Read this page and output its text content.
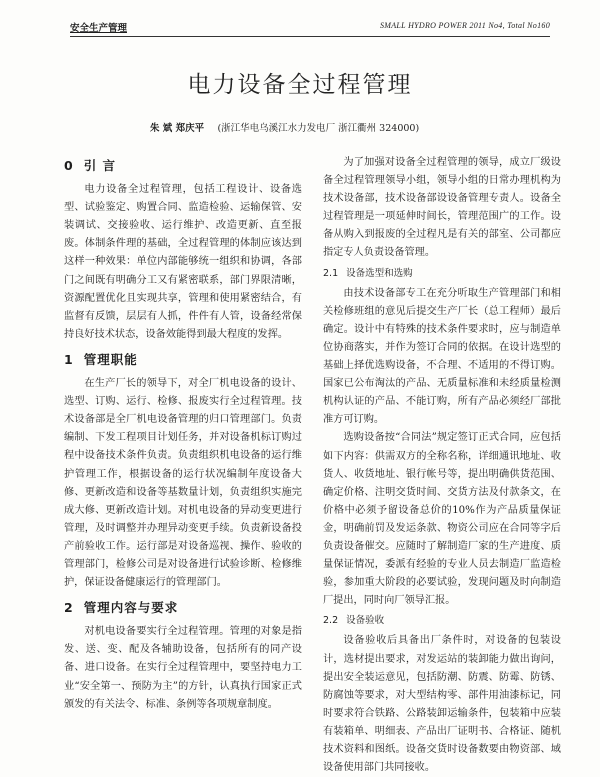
安全生产管理	SMALL HYDRO POWER 2011 No4, Total No160
电力设备全过程管理
朱 斌 郑庆平 (浙江华电乌溪江水力发电厂 浙江衢州 324000)
0 引 言

电力设备全过程管理，包括工程设计、设备选型、试验鉴定、购置合同、监造检验、运输保管、安装调试、交接验收、运行维护、改造更新、直至报废。体制条件理的基础，全过程管理的体制应该达到这样一种效果：单位内部能够统一组织和协调，各部门之间既有明确分工又有紧密联系，部门界限清晰，资源配置优化且实现共享，管理和使用紧密结合，有监督有反馈，层层有人抓，件件有人管，设备经常保持良好技术状态，设备效能得到最大程度的发挥。

1 管理职能

在生产厂长的领导下，对全厂机电设备的设计、选型、订购、运行、检修、报废实行全过程管理。技术设备部是全厂机电设备管理的归口管理部门。负责编制、下发工程项目计划任务，并对设备机标订购过程中设备技术条件负责。负责组织机电设备的运行维护管理工作，根据设备的运行状况编制年度设备大修、更新改造和设备等基数量计划，负责组织实施完成大修、更新改造计划。对机电设备的异动变更进行管理，及时调整并办理异动变更手续。负责新设备投产前验收工作。运行部是对设备巡视、操作、验收的管理部门，检修公司是对设备进行试验诊断、检修维护，保证设备健康运行的管理部门。

2 管理内容与要求

对机电设备要实行全过程管理。管理的对象是指发、送、变、配及各辅助设备，包括所有的同产设备、进口设备。在实行全过程管理中，要坚持电力工业“安全第一、预防为主”的方针，认真执行国家正式颁发的有关法令、标准、条例等各项规章制度。

为了加强对设备全过程管理的领导，成立厂级设备全过程管理领导小组，领导小组的日常办理机构为技术设备部，技术设备部设设备管理专责人。设备全过程管理是一项延伸时间长，管理范围广的工作。设备从购入到报废的全过程凡是有关的部室、公司都应指定专人负责设备管理。

2.1 设备选型和选购

由技术设备部专工在充分听取生产管理部门和相关检修班组的意见后提交生产厂长（总工程师）最后确定。设计中有特殊的技术条件要求时，应与制造单位协商落实，并作为签订合同的依据。在设计选型的基础上择优选购设备，不合理、不适用的不得订购。国家已公布淘汰的产品、无质量标准和未经质量检测机构认证的产品、不能订购，所有产品必须经厂部批准方可订购。

选购设备按“合同法”规定签订正式合同，应包括如下内容：供需双方的全称名称，详细通讯地址、收货人、收货地址、银行帐号等，提出明确供货范围、确定价格、注明交货时间、交货方法及付款条文，在价格中必须予留设备总价的10%作为产品质量保证金，明确前罚及发运条款、物资公司应在合同等字后负责设备催交。应随时了解制造厂家的生产进度、质量保证情况，委派有经验的专业人员去制造厂监造检验，参加重大阶段的必要试验，发现问题及时向制造厂提出，同时向厂领导汇报。

2.2 设备验收

设备验收后具备出厂条件时，对设备的包装设计，选材提出要求，对发运站的装卸能力做出询问，提出安全装运意见，包括防潮、防震、防霉、防锈、防腐蚀等要求，对大型结构零、部件用油漆标记，同时要求符合铁路、公路装卸运输条件，包装箱中应装有装箱单、明细表、产品出厂证明书、合格证、随机技术资料和图纸。设备交货时设备数要由物资部、域设备使用部门共同接收。
